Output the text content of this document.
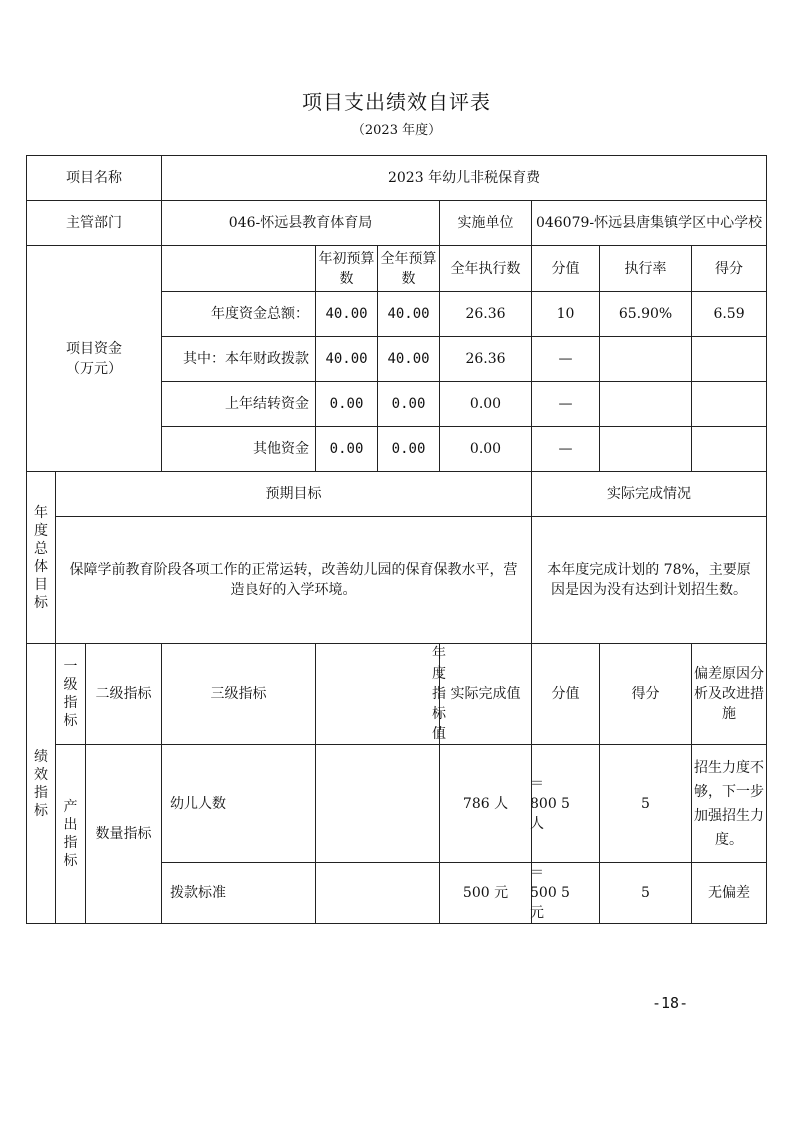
项目支出绩效自评表
（2023 年度）
项目名称			2023 年幼儿非税保育费						
主管部门			046-怀远县教育体育局			实施单位	046079-怀远县唐集镇学区中心学校		
项目资金（万元）				年初预算数	全年预算数	全年执行数	分值	执行率	得分
			年度资金总额：	40.00	40.00	26.36	10	65.90%	6.59
			其中：本年财政拨款	40.00	40.00	26.36	—		
			上年结转资金	0.00	0.00	0.00	—		
			其他资金	0.00	0.00	0.00	—		
年度总体目标	预期目标						实际完成情况		
	保障学前教育阶段各项工作的正常运转，改善幼儿园的保育保教水平，营造良好的入学环境。						本年度完成计划的 78%，主要原因是因为没有达到计划招生数。		
绩效指标	一级指标	二级指标	三级指标	年度指标值		实际完成值	分值	得分	偏差原因分析及改进措施
	产出指标	数量指标	幼儿人数	＝800人		786 人	5	5	招生力度不够，下一步加强招生力度。
			拨款标准	＝500元		500 元	5	5	无偏差
-18-
